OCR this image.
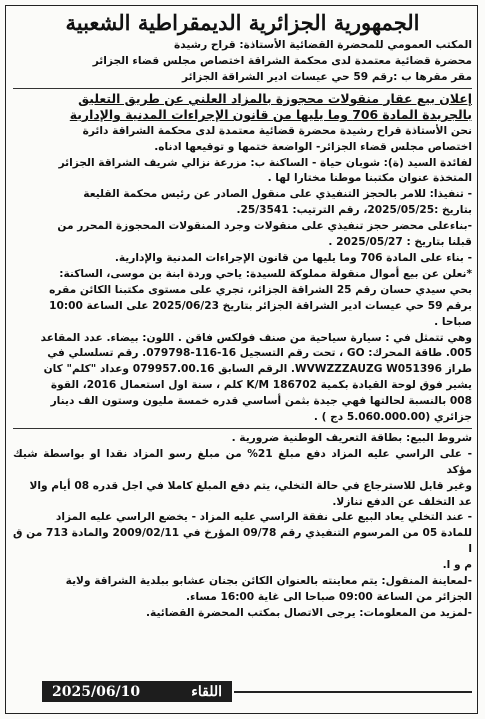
الجمهورية الجزائرية الديمقراطية الشعبية

المكتب العمومي للمحضرة القضائية الأستاذة: قراح رشيدة

محضرة قضائية معتمدة لدى محكمة الشراقة اختصاص مجلس قضاء الجزائر

مقر مقرها ب :رقم 59 حي عيسات ادير الشراقة الجزائر

إعلان بيع عقار منقولات محجوزة بالمزاد العلني عن طريق التعليق

بالجريدة المادة 706 وما يليها من قانون الإجراءات المدنية والإدارية

نحن الأستاذة قراح رشيدة محضرة قضائية معتمدة لدى محكمة الشراقة دائرة

اختصاص مجلس قضاء الجزائر- الواضعة ختمها و توقيعها ادناه.

لفائدة السيد (ة): شوبان حياة - الساكنة ب: مزرعة نزالي شريف الشراقة الجزائر

المتخذة عنوان مكتبنا موطنا مختارا لها .

- تنفيذا: للامر بالحجز التنفيذي على منقول الصادر عن رئيس محكمة القليعة

بتاريخ :2025/05/25، رقم الترتيب: 25/3541.

-بناءعلى محضر حجز تنفيذي على منقولات وجرد المنقولات المحجوزة المحرر من

قبلنا بتاريخ : 2025/05/27 .

- بناء على المادة 706 وما يليها من قانون الإجراءات المدنية والإدارية.

*نعلن عن بيع أموال منقولة مملوكة للسيدة: ياحي وردة ابنة بن موسى، الساكنة:

بحي سيدي حسان رقم 25 الشراقة الجزائر، تجري على مستوى مكتبنا الكائن مقره

برقم 59 حي عيسات ادير الشراقة الجزائر بتاريخ 2025/06/23 على الساعة 10:00

صباحا .

وهي تتمثل في : سيارة سياحية من صنف فولكس فاقن . اللون: بيضاء. عدد المقاعد

005. طاقة المحرك: GO ، تحت رقم التسجيل 16-116-079798. رقم تسلسلي في

طراز WVWZZZAUZG W051396. الرقم السابق 079957.00.16 وعداد "كلم" كان

يشير فوق لوحة القيادة بكمية 186702 K/M كلم ، سنة اول استعمال 2016، القوة

008 بالنسبة لحالتها فهي جيدة بثمن أساسي قدره خمسة مليون وستون الف دينار

جزائري (5.060.000.00 دج ) .

شروط البيع: بطاقة التعريف الوطنية ضرورية .

- على الراسي عليه المزاد دفع مبلغ 21% من مبلغ رسو المزاد نقدا او بواسطة شيك مؤكد

وغير قابل للاسترجاع في حالة التخلي، يتم دفع المبلغ كاملا في اجل قدره 08 أيام والا

عد التخلف عن الدفع تنازلا.

- عند التخلي يعاد البيع على نفقة الراسي عليه المزاد - يخضع الراسي عليه المزاد

للمادة 05 من المرسوم التنفيذي رقم 09/78 المؤرخ في 2009/02/11 والمادة 713 من ق ا

م و ا.

-لمعاينة المنقول: يتم معاينته بالعنوان الكائن بجنان عشابو ببلدية الشراقة ولاية

الجزائر من الساعة 09:00 صباحا الى غاية 16:00 مساء.

-لمزيد من المعلومات: يرجى الاتصال بمكتب المحضرة القضائية.

2025/06/10	اللقاء
